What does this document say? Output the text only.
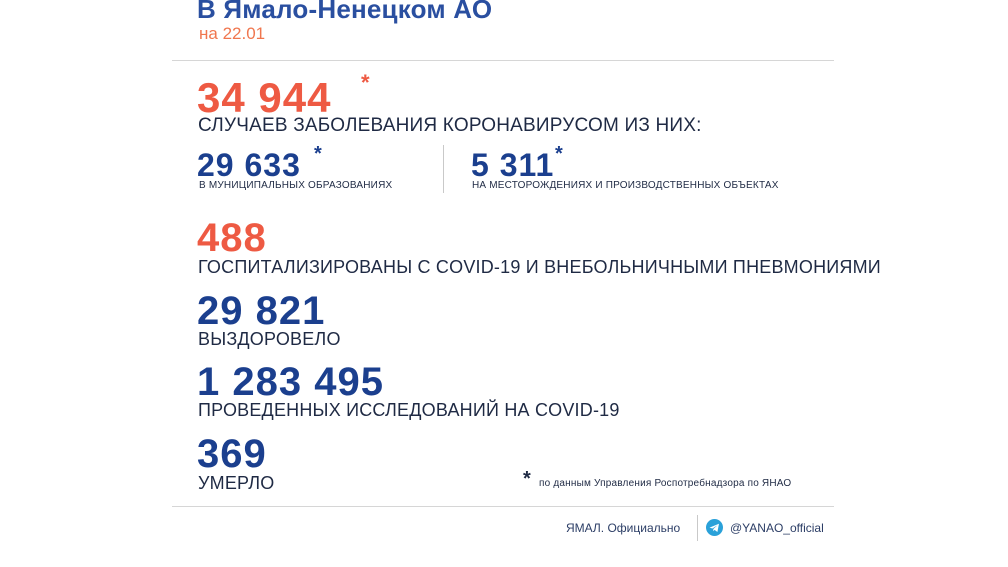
В Ямало-Ненецком АО
на 22.01
34 944 *
СЛУЧАЕВ ЗАБОЛЕВАНИЯ КОРОНАВИРУСОМ ИЗ НИХ:
29 633 *
В МУНИЦИПАЛЬНЫХ ОБРАЗОВАНИЯХ
5 311 *
НА МЕСТОРОЖДЕНИЯХ И ПРОИЗВОДСТВЕННЫХ ОБЪЕКТАХ
488
ГОСПИТАЛИЗИРОВАНЫ С COVID-19 И ВНЕБОЛЬНИЧНЫМИ ПНЕВМОНИЯМИ
29 821
ВЫЗДОРОВЕЛО
1 283 495
ПРОВЕДЕННЫХ ИССЛЕДОВАНИЙ НА COVID-19
369
УМЕРЛО	* по данным Управления Роспотребнадзора по ЯНАО
ЯМАЛ. Официально	@YANAO_official
